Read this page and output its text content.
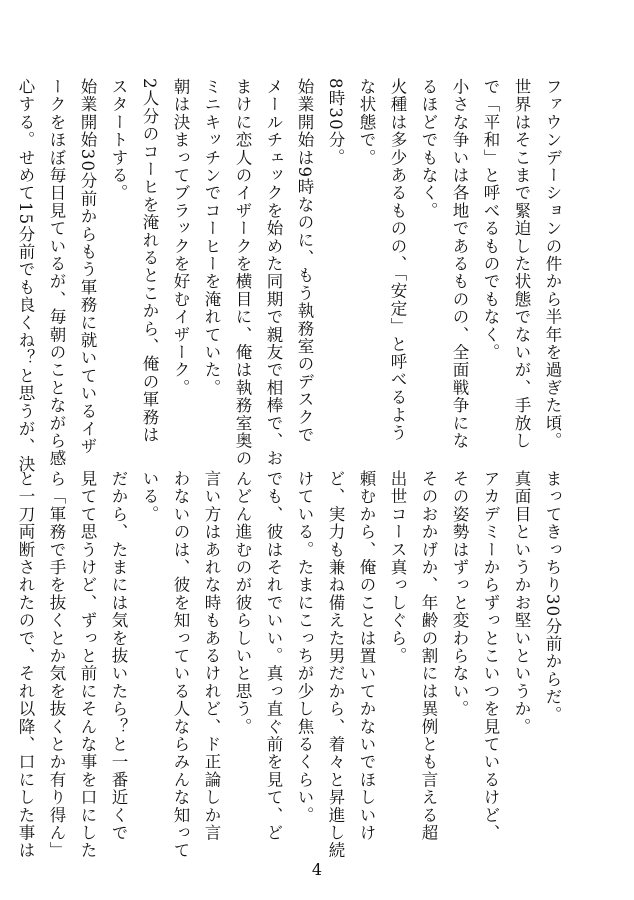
ファウンデーションの件から半年を過ぎた頃。
世界はそこまで緊迫した状態でないが、手放し
で「平和」と呼べるものでもなく。
小さな争いは各地であるものの、全面戦争にな
るほどでもなく。
火種は多少あるものの、「安定」と呼べるよう
な状態で。
8時30分。
始業開始は9時なのに、もう執務室のデスクで
メールチェックを始めた同期で親友で相棒で、お
まけに恋人のイザークを横目に、俺は執務室奥の
ミニキッチンでコーヒーを淹れていた。
朝は決まってブラックを好むイザーク。
2人分のコーヒを淹れるとこから、俺の軍務は
スタートする。
始業開始30分前からもう軍務に就いているイザ
ークをほぼ毎日見ているが、毎朝のことながら感
心する。せめて15分前でも良くね？と思うが、決
まってきっちり30分前からだ。
真面目というかお堅いというか。
アカデミーからずっとこいつを見ているけど、
その姿勢はずっと変わらない。
そのおかげか、年齢の割には異例とも言える超
出世コース真っしぐら。
頼むから、俺のことは置いてかないでほしいけ
ど、実力も兼ね備えた男だから、着々と昇進し続
けている。たまにこっちが少し焦るくらい。
でも、彼はそれでいい。真っ直ぐ前を見て、ど
んどん進むのが彼らしいと思う。
言い方はあれな時もあるけれど、ド正論しか言
わないのは、彼を知っている人ならみんな知って
いる。
だから、たまには気を抜いたら？と一番近くで
見てて思うけど、ずっと前にそんな事を口にした
ら「軍務で手を抜くとか気を抜くとか有り得ん」
と一刀両断されたので、それ以降、口にした事は
4
